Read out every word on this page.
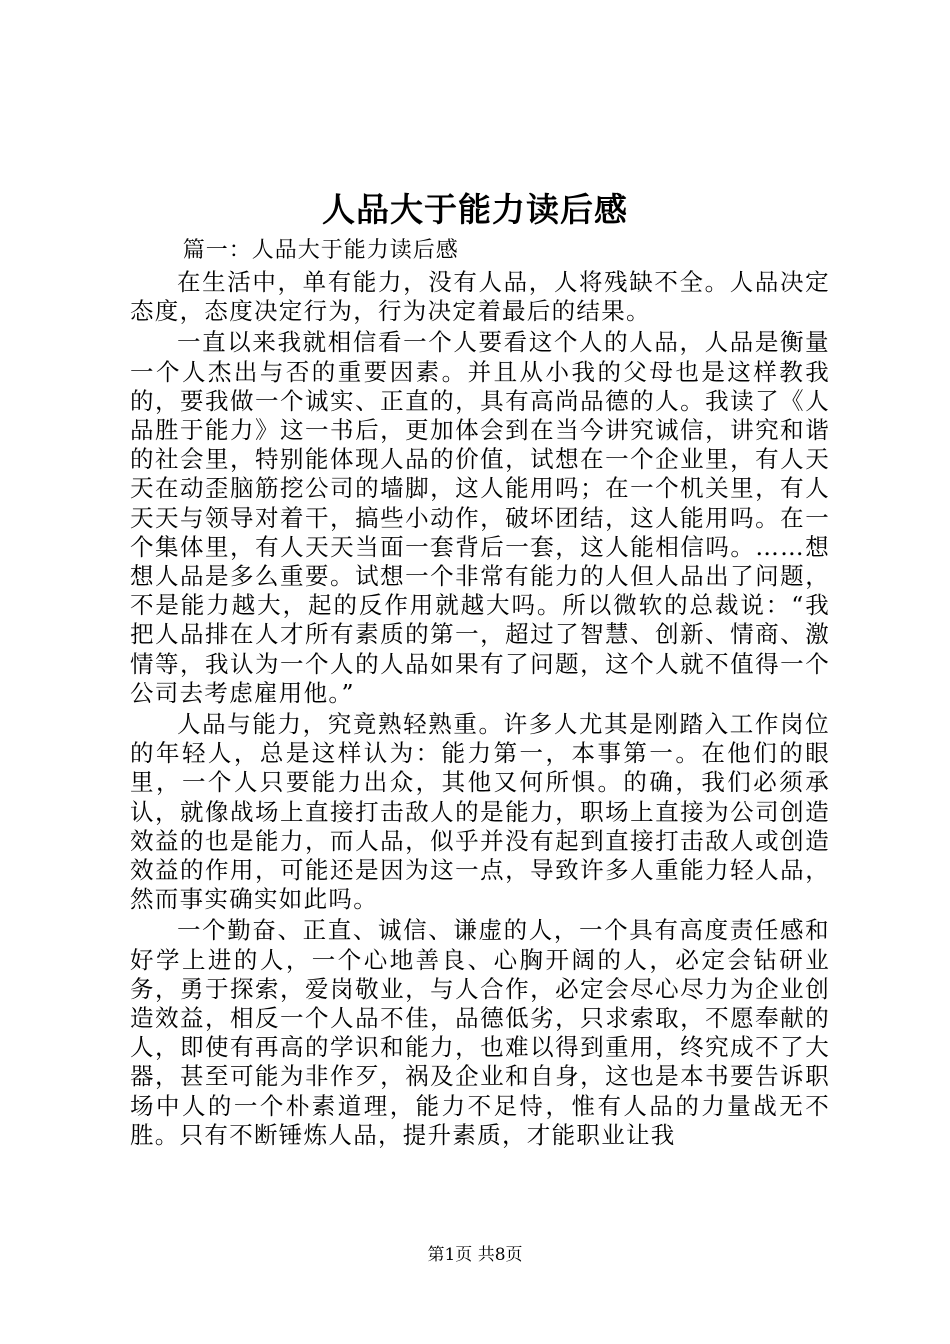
人品大于能力读后感

篇一：人品大于能力读后感

在生活中，单有能力，没有人品，人将残缺不全。人品决定态度，态度决定行为，行为决定着最后的结果。

一直以来我就相信看一个人要看这个人的人品，人品是衡量一个人杰出与否的重要因素。并且从小我的父母也是这样教我的，要我做一个诚实、正直的，具有高尚品德的人。我读了《人品胜于能力》这一书后，更加体会到在当今讲究诚信，讲究和谐的社会里，特别能体现人品的价值，试想在一个企业里，有人天天在动歪脑筋挖公司的墙脚，这人能用吗；在一个机关里，有人天天与领导对着干，搞些小动作，破坏团结，这人能用吗。在一个集体里，有人天天当面一套背后一套，这人能相信吗。……想想人品是多么重要。试想一个非常有能力的人但人品出了问题，不是能力越大，起的反作用就越大吗。所以微软的总裁说：“我把人品排在人才所有素质的第一，超过了智慧、创新、情商、激情等，我认为一个人的人品如果有了问题，这个人就不值得一个公司去考虑雇用他。”

人品与能力，究竟熟轻熟重。许多人尤其是刚踏入工作岗位的年轻人，总是这样认为：能力第一，本事第一。在他们的眼里，一个人只要能力出众，其他又何所惧。的确，我们必须承认，就像战场上直接打击敌人的是能力，职场上直接为公司创造效益的也是能力，而人品，似乎并没有起到直接打击敌人或创造效益的作用，可能还是因为这一点，导致许多人重能力轻人品，然而事实确实如此吗。

一个勤奋、正直、诚信、谦虚的人，一个具有高度责任感和好学上进的人，一个心地善良、心胸开阔的人，必定会钻研业务，勇于探索，爱岗敬业，与人合作，必定会尽心尽力为企业创造效益，相反一个人品不佳，品德低劣，只求索取，不愿奉献的人，即使有再高的学识和能力，也难以得到重用，终究成不了大器，甚至可能为非作歹，祸及企业和自身，这也是本书要告诉职场中人的一个朴素道理，能力不足恃，惟有人品的力量战无不胜。只有不断锤炼人品，提升素质，才能职业让我

第1页 共8页
